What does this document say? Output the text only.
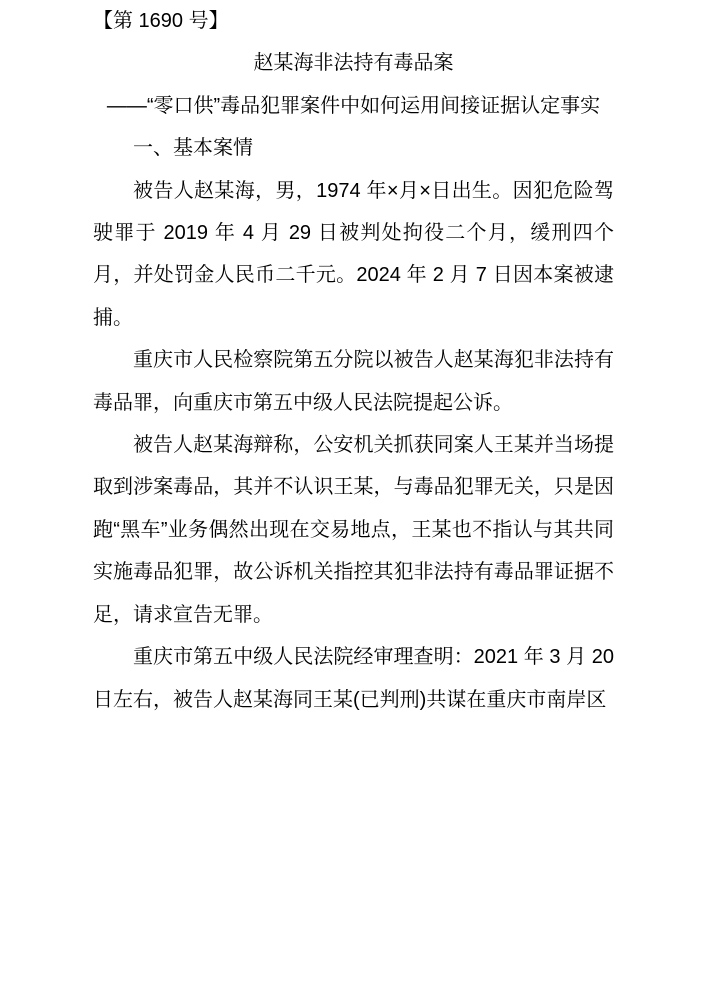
【第 1690 号】

赵某海非法持有毒品案
——“零口供”毒品犯罪案件中如何运用间接证据认定事实
一、基本案情

被告人赵某海，男，1974 年×月×日出生。因犯危险驾驶罪于 2019 年 4 月 29 日被判处拘役二个月，缓刑四个月，并处罚金人民币二千元。2024 年 2 月 7 日因本案被逮捕。

重庆市人民检察院第五分院以被告人赵某海犯非法持有毒品罪，向重庆市第五中级人民法院提起公诉。

被告人赵某海辩称，公安机关抓获同案人王某并当场提取到涉案毒品，其并不认识王某，与毒品犯罪无关，只是因跑“黑车”业务偶然出现在交易地点，王某也不指认与其共同实施毒品犯罪，故公诉机关指控其犯非法持有毒品罪证据不足，请求宣告无罪。

重庆市第五中级人民法院经审理查明：2021 年 3 月 20 日左右，被告人赵某海同王某(已判刑)共谋在重庆市南岸区
